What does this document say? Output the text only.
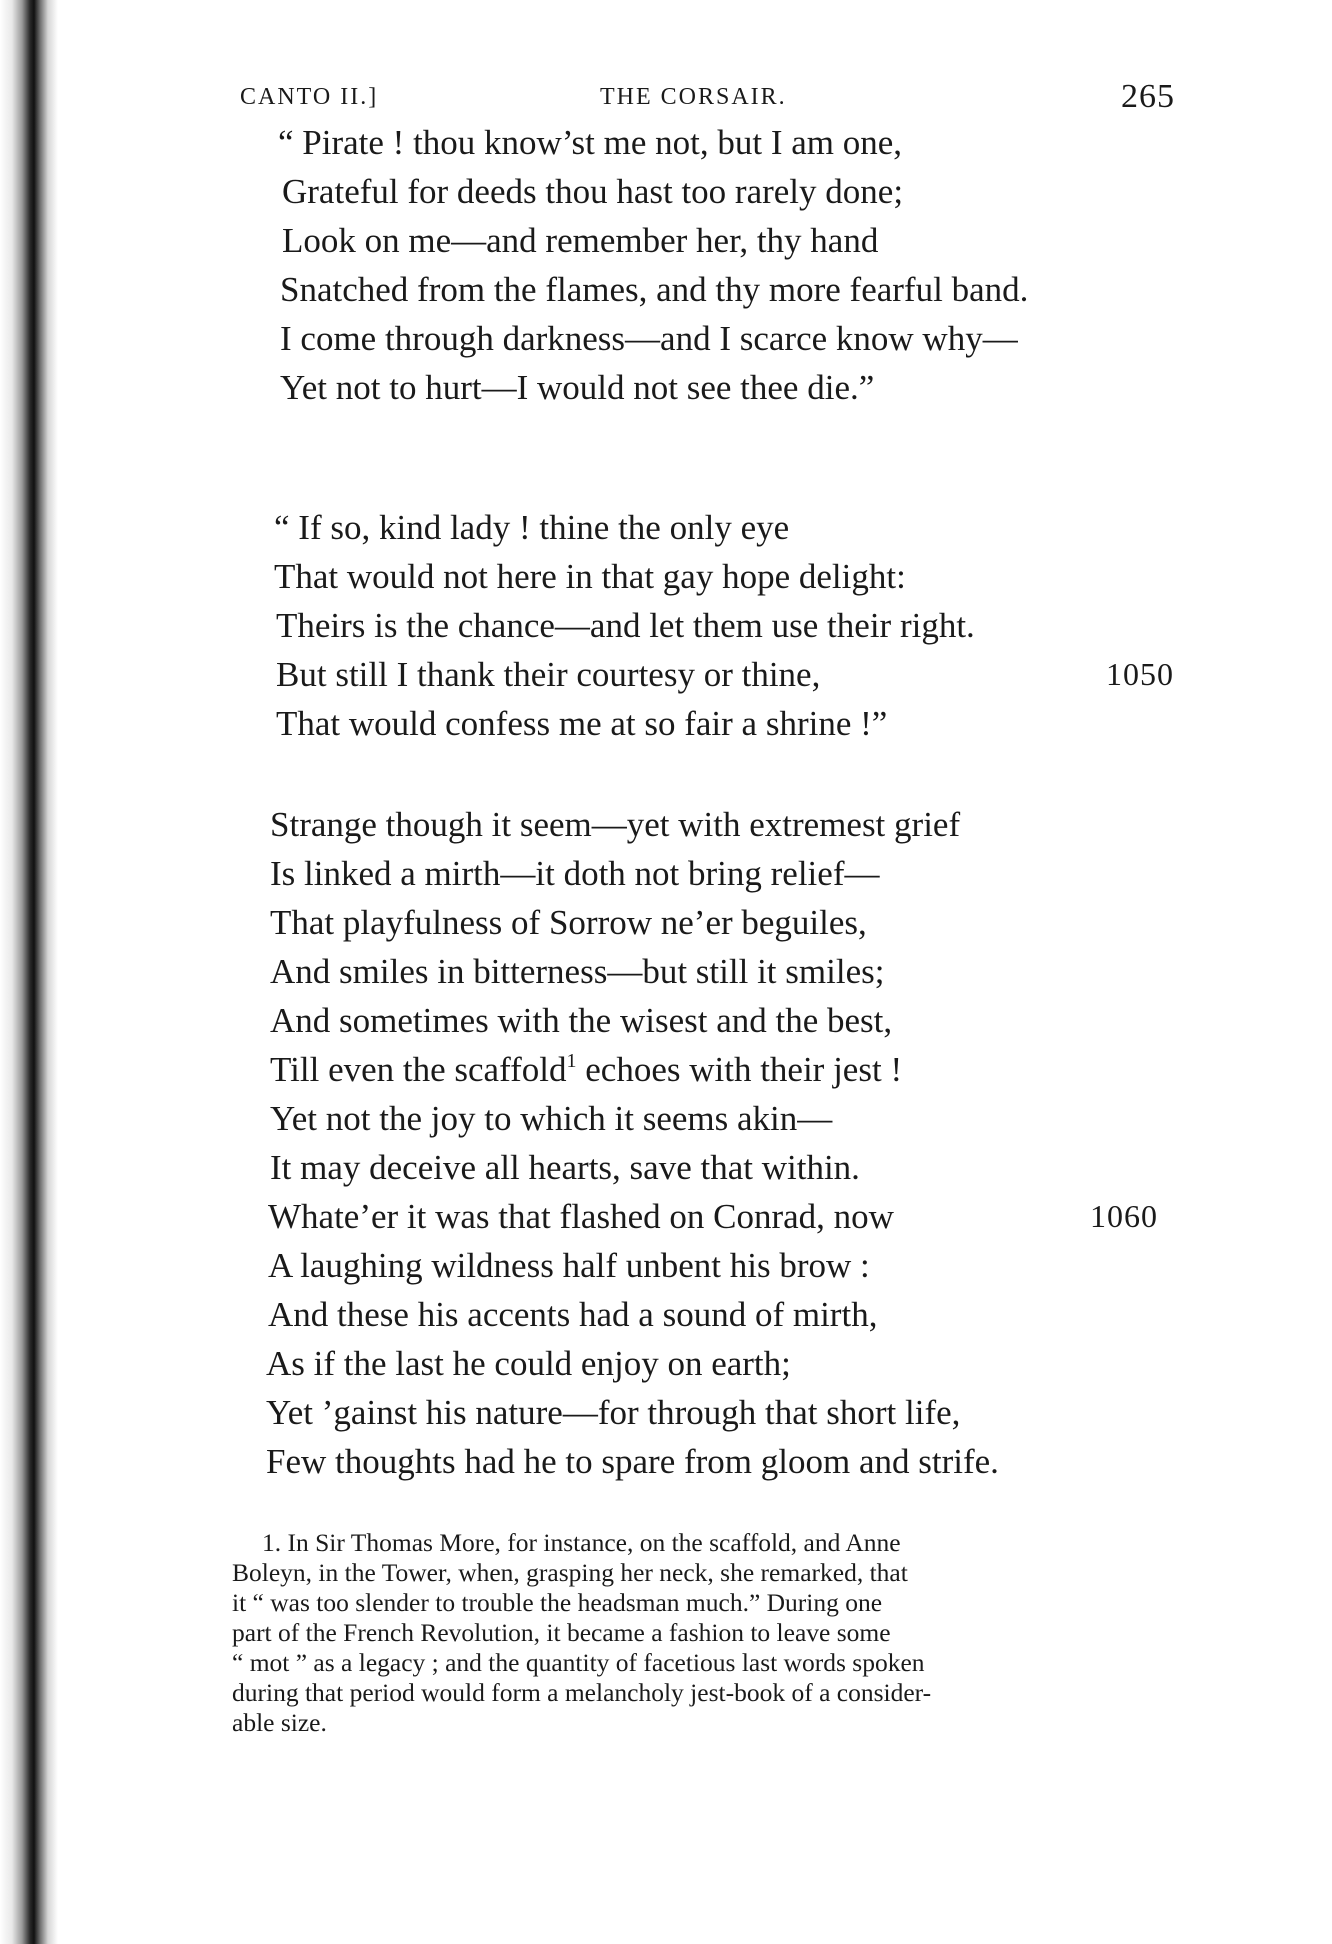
CANTO II.]	THE CORSAIR.	265
“ Pirate ! thou know’st me not, but I am one,
Grateful for deeds thou hast too rarely done;
Look on me—and remember her, thy hand
Snatched from the flames, and thy more fearful band.
I come through darkness—and I scarce know why—
Yet not to hurt—I would not see thee die.”
“ If so, kind lady ! thine the only eye
That would not here in that gay hope delight:
Theirs is the chance—and let them use their right.
But still I thank their courtesy or thine,	1050
That would confess me at so fair a shrine !”
Strange though it seem—yet with extremest grief
Is linked a mirth—it doth not bring relief—
That playfulness of Sorrow ne’er beguiles,
And smiles in bitterness—but still it smiles;
And sometimes with the wisest and the best,
Till even the scaffold$^1$ echoes with their jest !
Yet not the joy to which it seems akin—
It may deceive all hearts, save that within.
Whate’er it was that flashed on Conrad, now	1060
A laughing wildness half unbent his brow :
And these his accents had a sound of mirth,
As if the last he could enjoy on earth;
Yet ’gainst his nature—for through that short life,
Few thoughts had he to spare from gloom and strife.

1. In Sir Thomas More, for instance, on the scaffold, and Anne

Boleyn, in the Tower, when, grasping her neck, she remarked, that

it “ was too slender to trouble the headsman much.” During one

part of the French Revolution, it became a fashion to leave some

“ mot ” as a legacy ; and the quantity of facetious last words spoken

during that period would form a melancholy jest-book of a consider-

able size.
